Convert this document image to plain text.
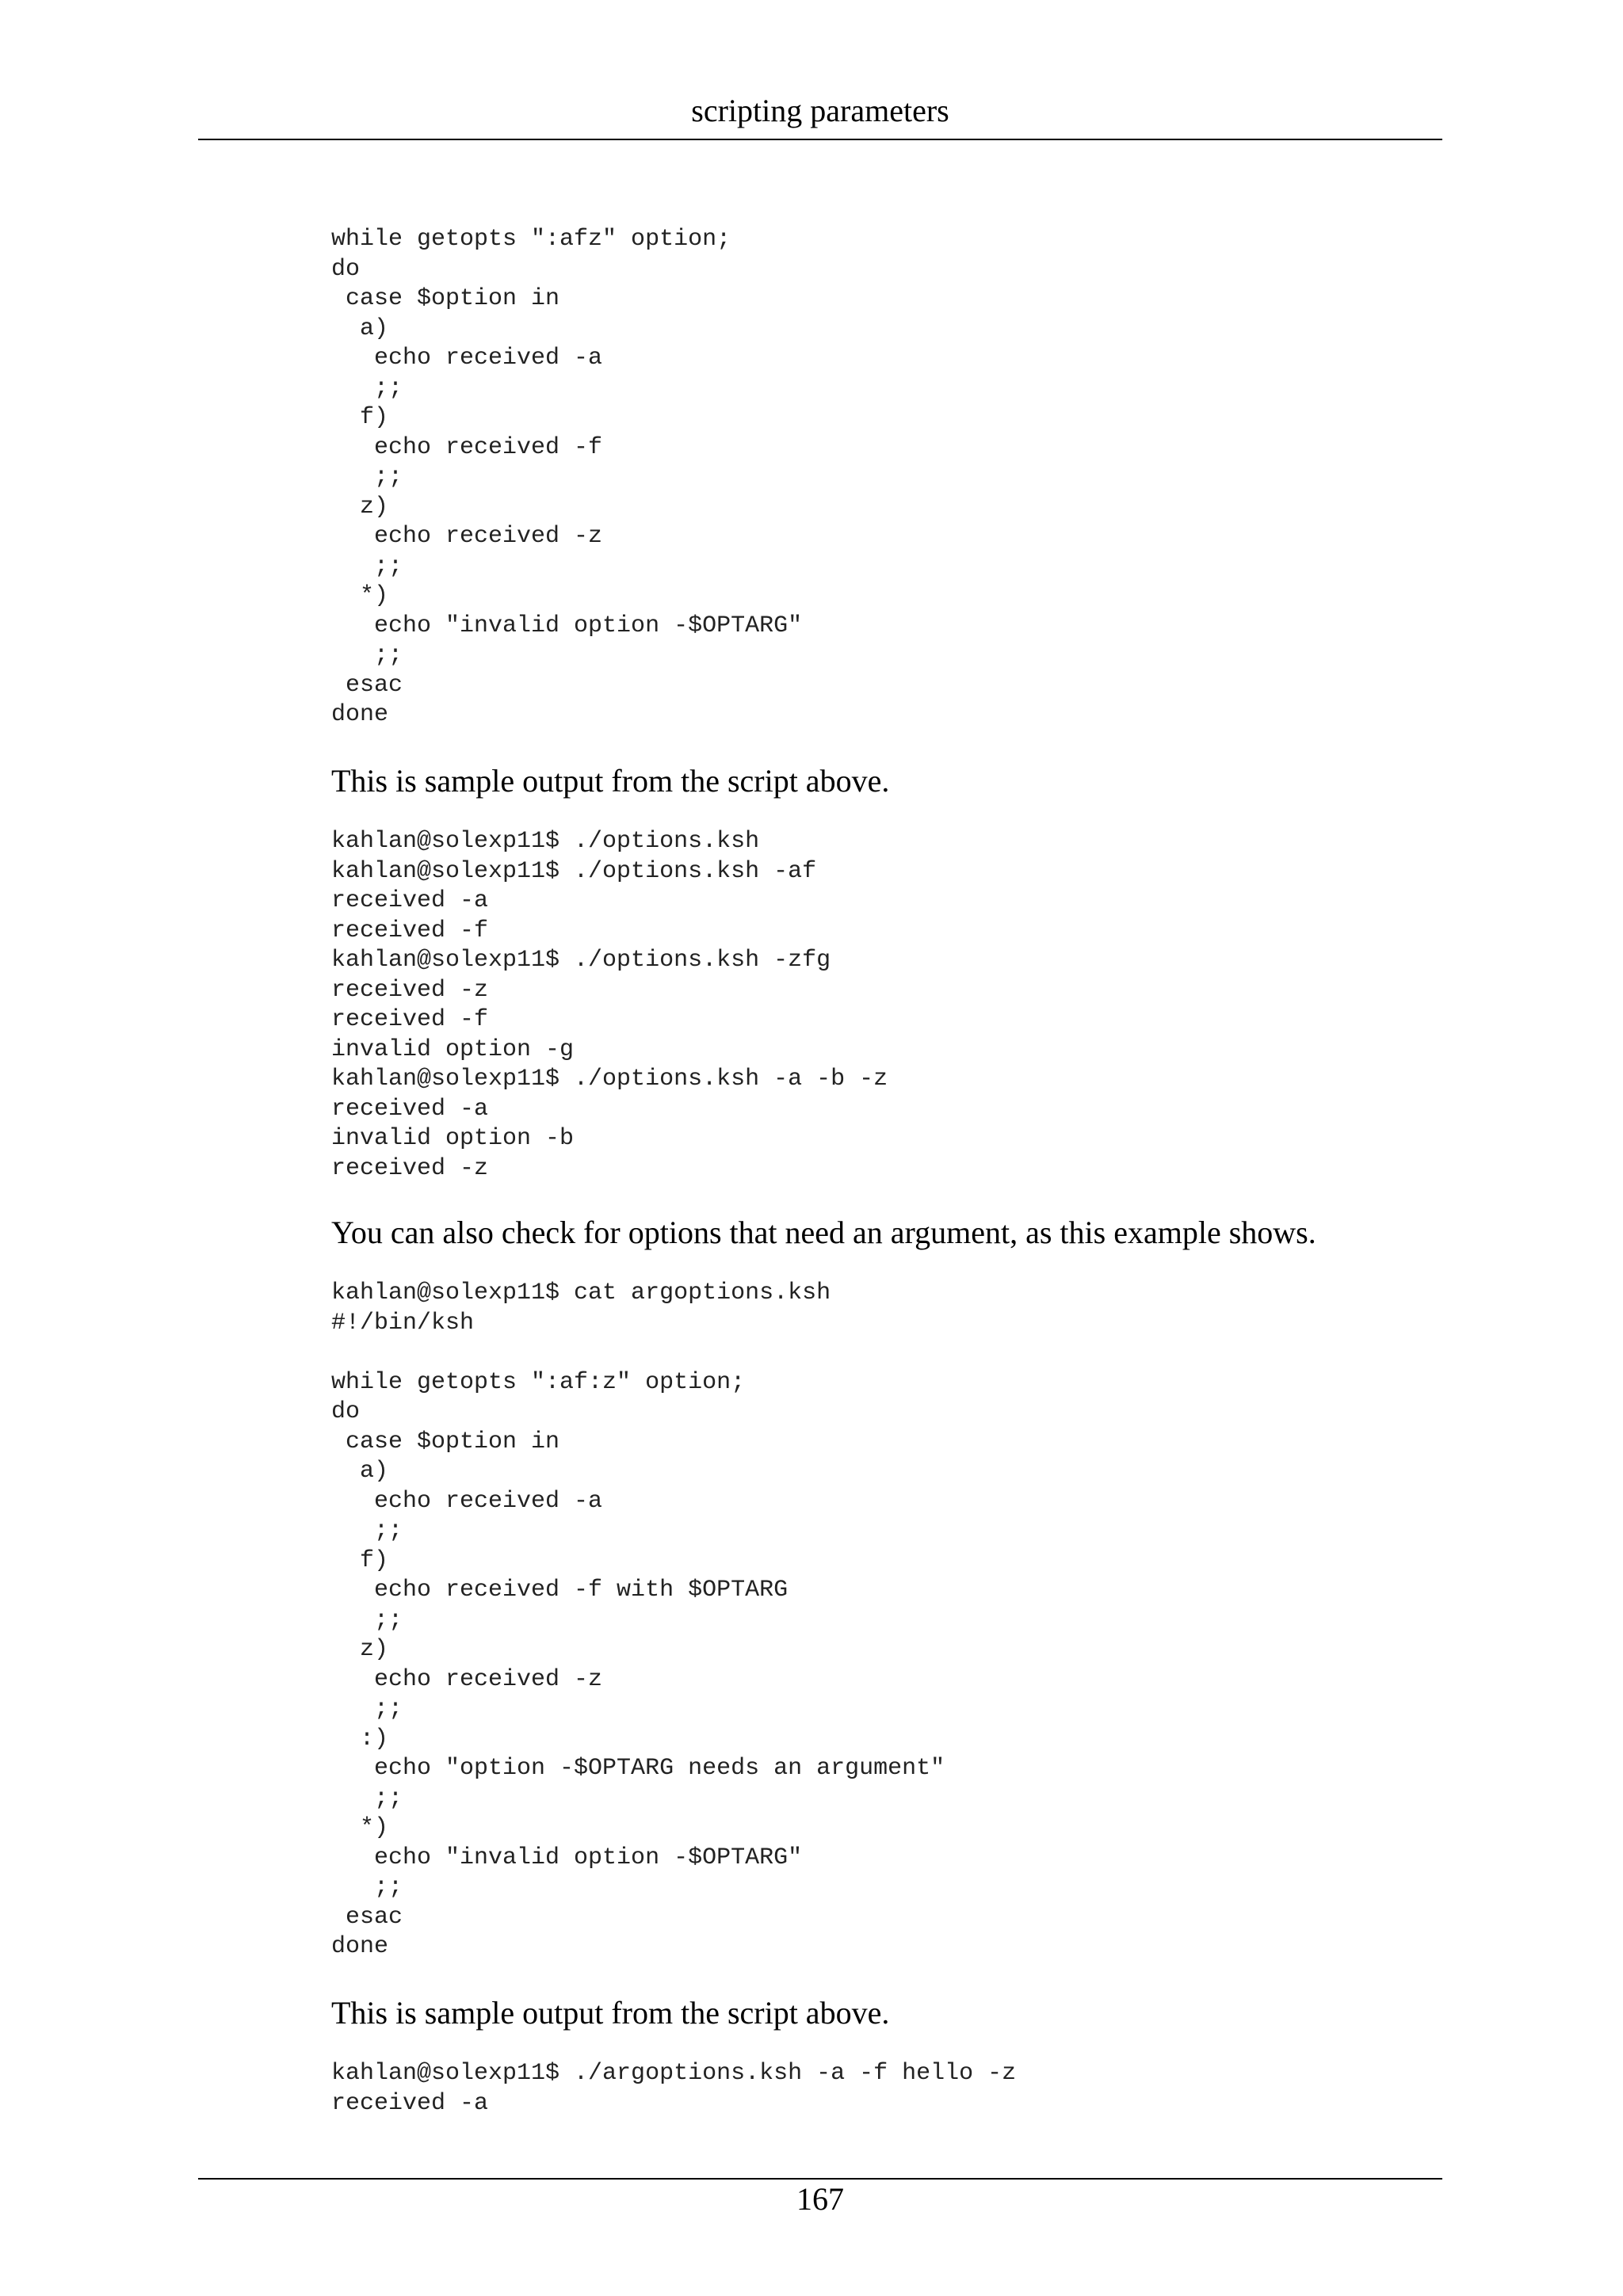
scripting parameters
while getopts ":afz" option;
do
case $option in
a)
echo received -a
;;
f)
echo received -f
;;
z)
echo received -z
;;
*)
echo "invalid option -$OPTARG"
;;
esac
done

This is sample output from the script above.

kahlan@solexp11$ ./options.ksh
kahlan@solexp11$ ./options.ksh -af
received -a
received -f
kahlan@solexp11$ ./options.ksh -zfg
received -z
received -f
invalid option -g
kahlan@solexp11$ ./options.ksh -a -b -z
received -a
invalid option -b
received -z

You can also check for options that need an argument, as this example shows.

kahlan@solexp11$ cat argoptions.ksh
#!/bin/ksh

while getopts ":af:z" option;
do
case $option in
a)
echo received -a
;;
f)
echo received -f with $OPTARG
;;
z)
echo received -z
;;
:)
echo "option -$OPTARG needs an argument"
;;
*)
echo "invalid option -$OPTARG"
;;
esac
done

This is sample output from the script above.

kahlan@solexp11$ ./argoptions.ksh -a -f hello -z
received -a
167
